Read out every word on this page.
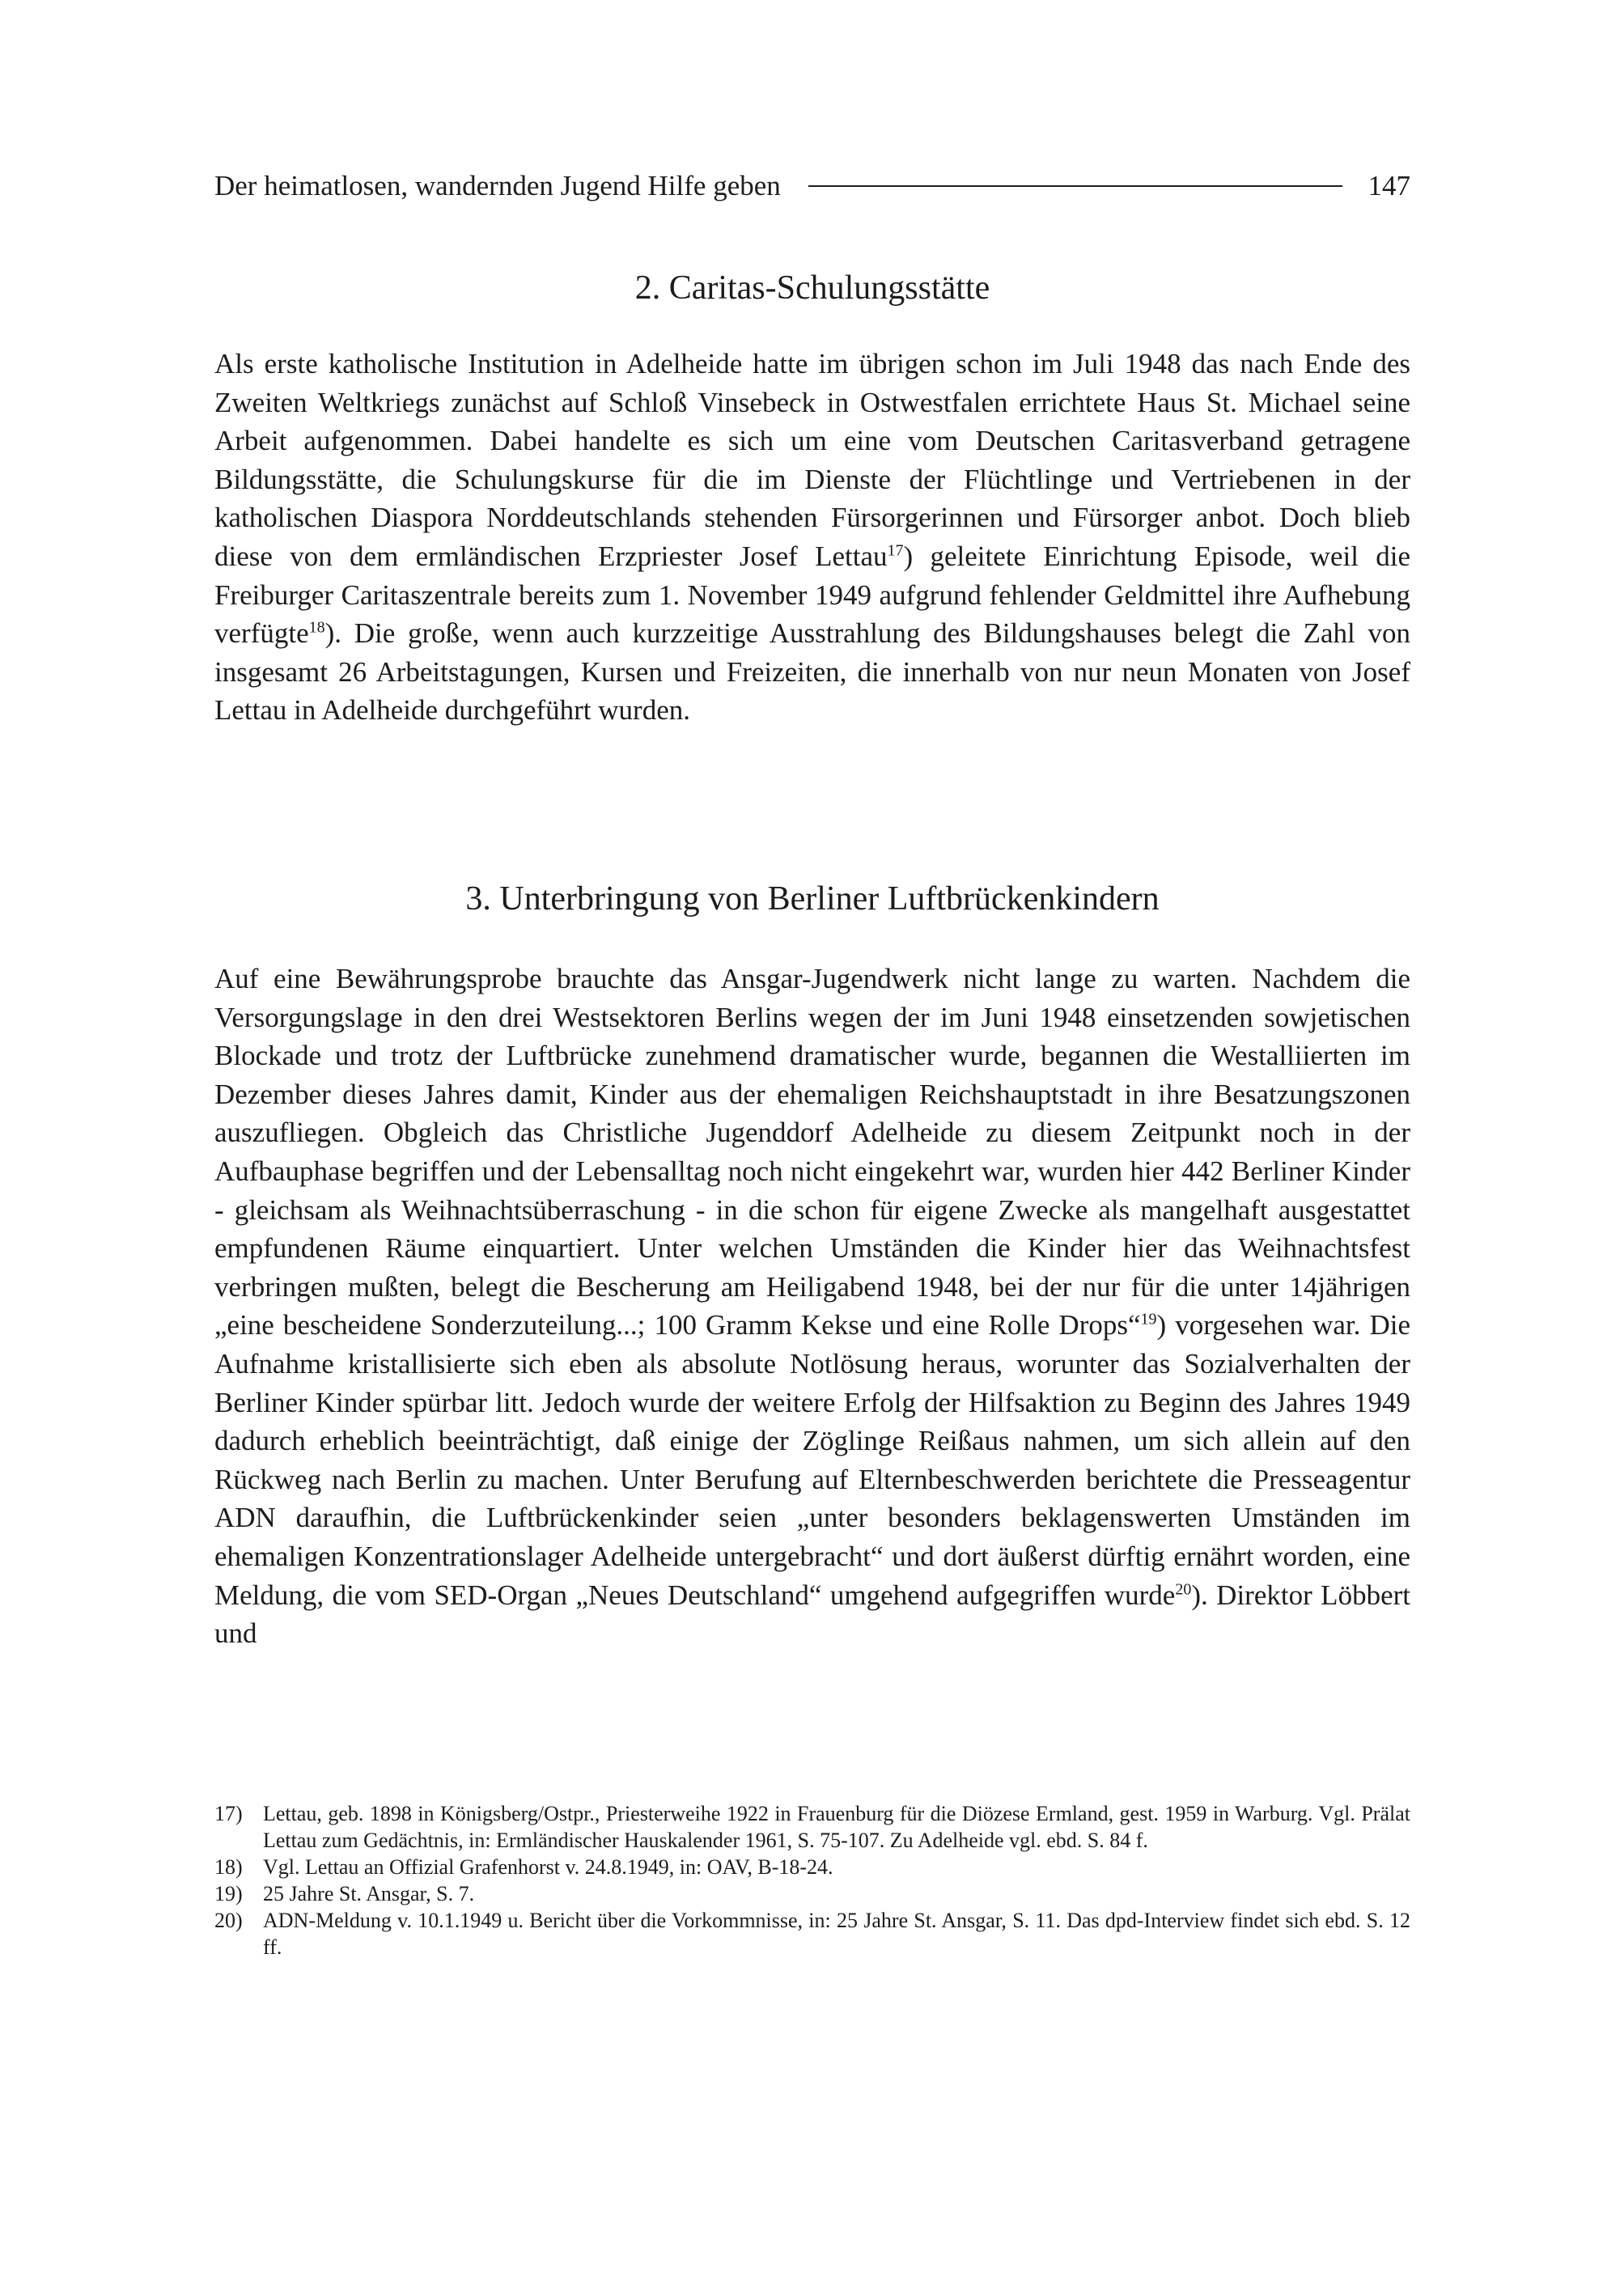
Der heimatlosen, wandernden Jugend Hilfe geben	147
2. Caritas-Schulungsstätte

Als erste katholische Institution in Adelheide hatte im übrigen schon im Juli 1948 das nach Ende des Zweiten Weltkriegs zunächst auf Schloß Vinsebeck in Ostwestfalen errichtete Haus St. Michael seine Arbeit aufgenommen. Dabei handelte es sich um eine vom Deutschen Caritasverband getragene Bildungsstätte, die Schulungskurse für die im Dienste der Flüchtlinge und Vertriebenen in der katholischen Diaspora Norddeutschlands stehenden Fürsorgerinnen und Fürsorger anbot. Doch blieb diese von dem ermländischen Erzpriester Josef Lettau$^{17}$) geleitete Einrichtung Episode, weil die Freiburger Caritaszentrale bereits zum 1. November 1949 aufgrund fehlender Geldmittel ihre Aufhebung verfügte$^{18}$). Die große, wenn auch kurzzeitige Ausstrahlung des Bildungshauses belegt die Zahl von insgesamt 26 Arbeitstagungen, Kursen und Freizeiten, die innerhalb von nur neun Monaten von Josef Lettau in Adelheide durchgeführt wurden.

3. Unterbringung von Berliner Luftbrückenkindern

Auf eine Bewährungsprobe brauchte das Ansgar-Jugendwerk nicht lange zu warten. Nachdem die Versorgungslage in den drei Westsektoren Berlins wegen der im Juni 1948 einsetzenden sowjetischen Blockade und trotz der Luftbrücke zunehmend dramatischer wurde, begannen die Westalliierten im Dezember dieses Jahres damit, Kinder aus der ehemaligen Reichshauptstadt in ihre Besatzungszonen auszufliegen. Obgleich das Christliche Jugenddorf Adelheide zu diesem Zeitpunkt noch in der Aufbauphase begriffen und der Lebensalltag noch nicht eingekehrt war, wurden hier 442 Berliner Kinder - gleichsam als Weihnachtsüberraschung - in die schon für eigene Zwecke als mangelhaft ausgestattet empfundenen Räume einquartiert. Unter welchen Umständen die Kinder hier das Weihnachtsfest verbringen mußten, belegt die Bescherung am Heiligabend 1948, bei der nur für die unter 14jährigen „eine bescheidene Sonderzuteilung...; 100 Gramm Kekse und eine Rolle Drops“$^{19}$) vorgesehen war. Die Aufnahme kristallisierte sich eben als absolute Notlösung heraus, worunter das Sozialverhalten der Berliner Kinder spürbar litt. Jedoch wurde der weitere Erfolg der Hilfsaktion zu Beginn des Jahres 1949 dadurch erheblich beeinträchtigt, daß einige der Zöglinge Reißaus nahmen, um sich allein auf den Rückweg nach Berlin zu machen. Unter Berufung auf Elternbeschwerden berichtete die Presseagentur ADN daraufhin, die Luftbrückenkinder seien „unter besonders beklagenswerten Umständen im ehemaligen Konzentrationslager Adelheide untergebracht“ und dort äußerst dürftig ernährt worden, eine Meldung, die vom SED-Organ „Neues Deutschland“ umgehend aufgegriffen wurde$^{20}$). Direktor Löbbert und

17) Lettau, geb. 1898 in Königsberg/Ostpr., Priesterweihe 1922 in Frauenburg für die Diözese Ermland, gest. 1959 in Warburg. Vgl. Prälat Lettau zum Gedächtnis, in: Ermländischer Hauskalender 1961, S. 75-107. Zu Adelheide vgl. ebd. S. 84 f.
18) Vgl. Lettau an Offizial Grafenhorst v. 24.8.1949, in: OAV, B-18-24.
19) 25 Jahre St. Ansgar, S. 7.
20) ADN-Meldung v. 10.1.1949 u. Bericht über die Vorkommnisse, in: 25 Jahre St. Ansgar, S. 11. Das dpd-Interview findet sich ebd. S. 12 ff.
